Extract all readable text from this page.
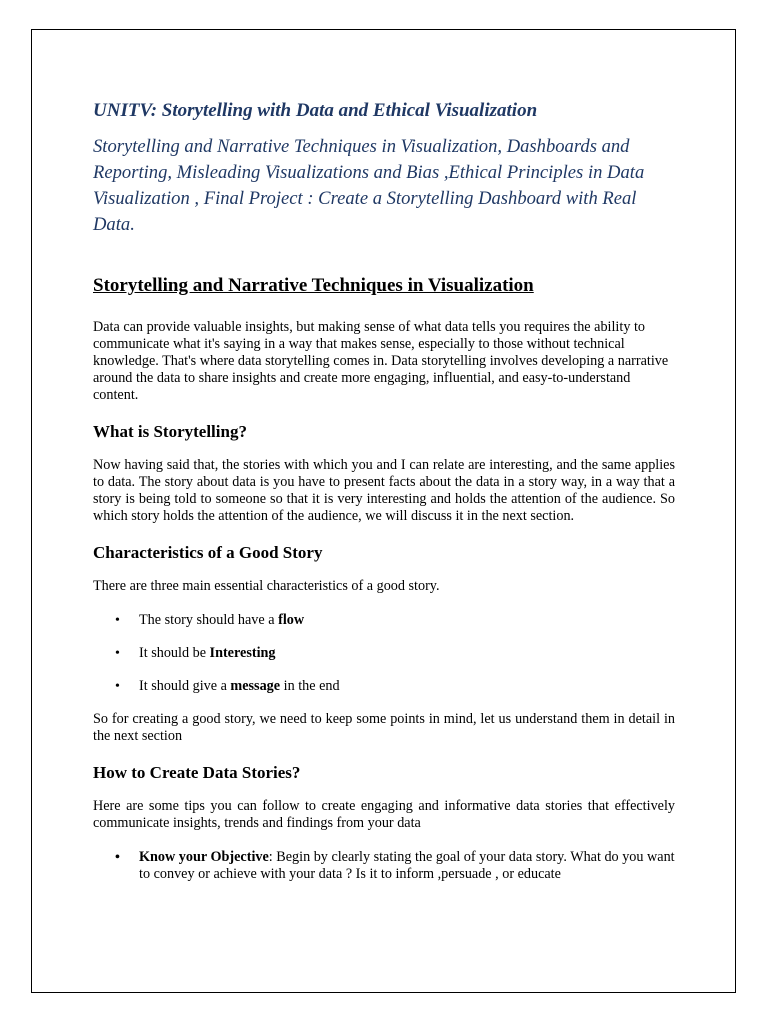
UNITV: Storytelling with Data and Ethical Visualization

Storytelling and Narrative Techniques in Visualization, Dashboards and Reporting, Misleading Visualizations and Bias ,Ethical Principles in Data Visualization , Final Project : Create a Storytelling Dashboard with Real Data.

Storytelling and Narrative Techniques in Visualization

Data can provide valuable insights, but making sense of what data tells you requires the ability to communicate what it's saying in a way that makes sense, especially to those without technical knowledge. That's where data storytelling comes in. Data storytelling involves developing a narrative around the data to share insights and create more engaging, influential, and easy-to-understand content.

What is Storytelling?

Now having said that, the stories with which you and I can relate are interesting, and the same applies to data. The story about data is you have to present facts about the data in a story way, in a way that a story is being told to someone so that it is very interesting and holds the attention of the audience. So which story holds the attention of the audience, we will discuss it in the next section.

Characteristics of a Good Story

There are three main essential characteristics of a good story.

• The story should have a flow
• It should be Interesting
• It should give a message in the end

So for creating a good story, we need to keep some points in mind, let us understand them in detail in the next section

How to Create Data Stories?

Here are some tips you can follow to create engaging and informative data stories that effectively communicate insights, trends and findings from your data

• Know your Objective: Begin by clearly stating the goal of your data story. What do you want to convey or achieve with your data ? Is it to inform ,persuade , or educate
